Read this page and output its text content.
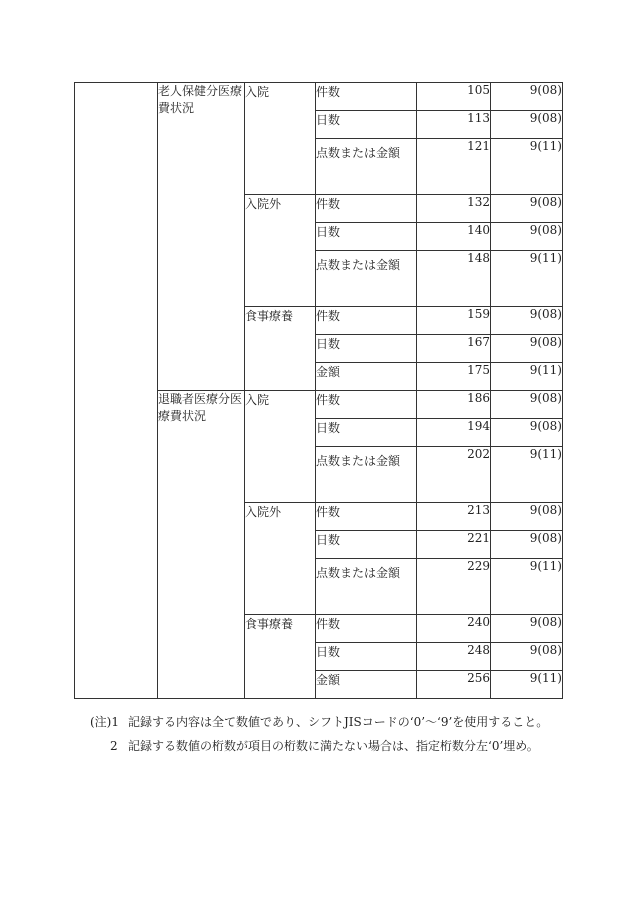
	老人保健分医療費状況	入院	件数	105	9(08)
			日数	113	9(08)
			点数または金額	121	9(11)
		入院外	件数	132	9(08)
			日数	140	9(08)
			点数または金額	148	9(11)
		食事療養	件数	159	9(08)
			日数	167	9(08)
			金額	175	9(11)
	退職者医療分医療費状況	入院	件数	186	9(08)
			日数	194	9(08)
			点数または金額	202	9(11)
		入院外	件数	213	9(08)
			日数	221	9(08)
			点数または金額	229	9(11)
		食事療養	件数	240	9(08)
			日数	248	9(08)
			金額	256	9(11)
(注)1 記録する内容は全て数値であり、シフトJISコードの‘0’～‘9’を使用すること。
2 記録する数値の桁数が項目の桁数に満たない場合は、指定桁数分左‘0’埋め。
